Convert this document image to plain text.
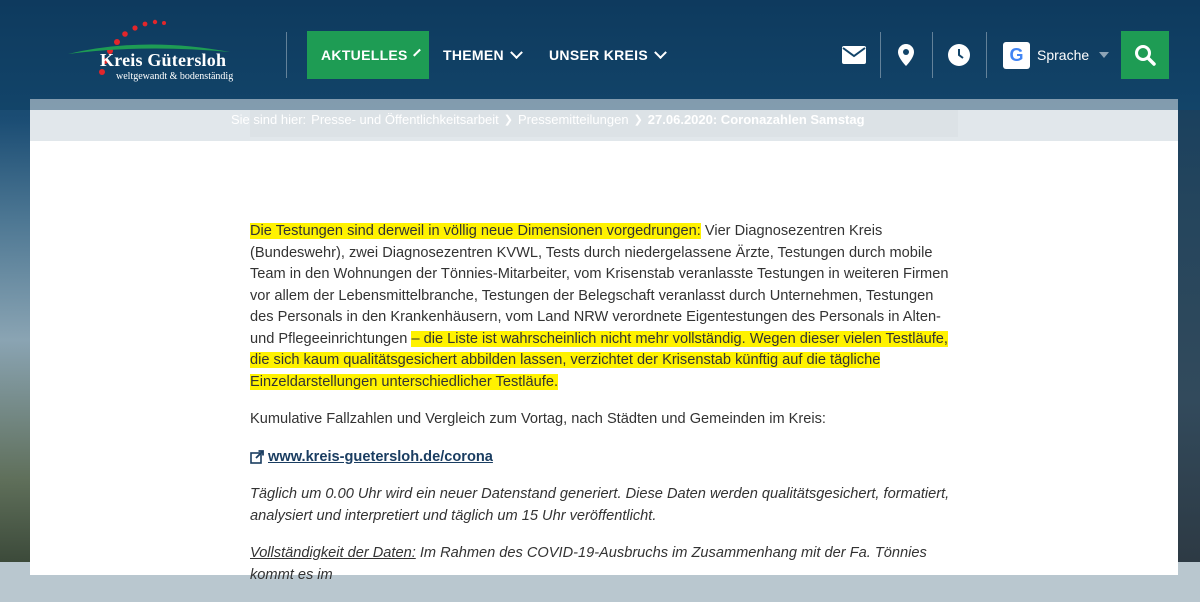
Kreis Gütersloh
weltgewandt & bodenständig
AKTUELLES	THEMEN	UNSER KREIS	G Sprache
Sie sind hier: Presse- und Öffentlichkeitsarbeit ❯ Pressemitteilungen ❯ 27.06.2020: Coronazahlen Samstag

Die Testungen sind derweil in völlig neue Dimensionen vorgedrungen: Vier Diagnosezentren Kreis (Bundeswehr), zwei Diagnosezentren KVWL, Tests durch niedergelassene Ärzte, Testungen durch mobile Team in den Wohnungen der Tönnies-Mitarbeiter, vom Krisenstab veranlasste Testungen in weiteren Firmen vor allem der Lebensmittelbranche, Testungen der Belegschaft veranlasst durch Unternehmen, Testungen des Personals in den Krankenhäusern, vom Land NRW verordnete Eigentestungen des Personals in Alten- und Pflegeeinrichtungen – die Liste ist wahrscheinlich nicht mehr vollständig. Wegen dieser vielen Testläufe, die sich kaum qualitätsgesichert abbilden lassen, verzichtet der Krisenstab künftig auf die tägliche Einzeldarstellungen unterschiedlicher Testläufe.

Kumulative Fallzahlen und Vergleich zum Vortag, nach Städten und Gemeinden im Kreis:

www.kreis-guetersloh.de/corona

Täglich um 0.00 Uhr wird ein neuer Datenstand generiert. Diese Daten werden qualitätsgesichert, formatiert, analysiert und interpretiert und täglich um 15 Uhr veröffentlicht.

Vollständigkeit der Daten: Im Rahmen des COVID-19-Ausbruchs im Zusammenhang mit der Fa. Tönnies kommt es im
